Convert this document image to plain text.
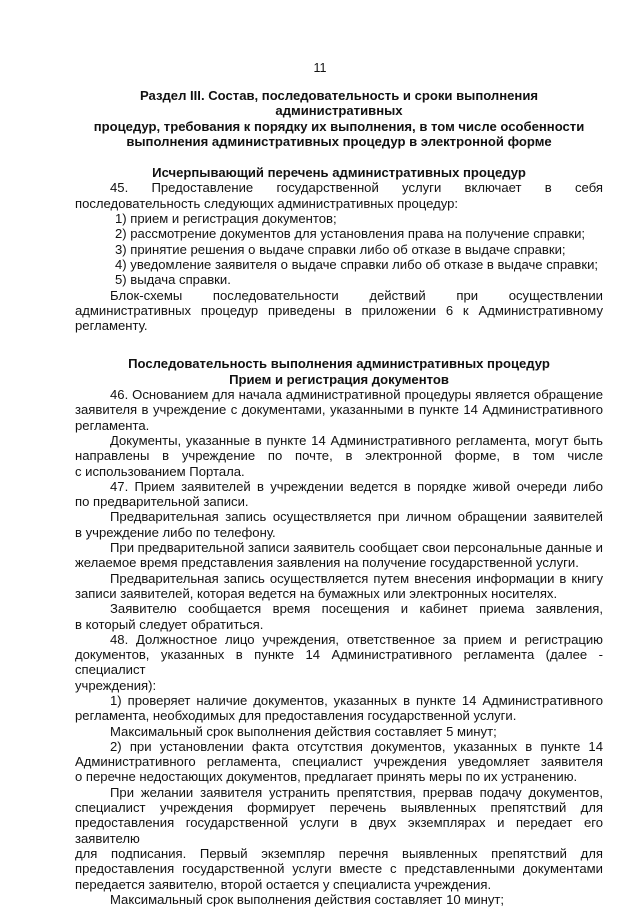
11

Раздел III. Состав, последовательность и сроки выполнения административных

процедур, требования к порядку их выполнения, в том числе особенности

выполнения административных процедур в электронной форме

Исчерпывающий перечень административных процедур

45. Предоставление государственной услуги включает в себя

последовательность следующих административных процедур:

1) прием и регистрация документов;

2) рассмотрение документов для установления права на получение справки;

3) принятие решения о выдаче справки либо об отказе в выдаче справки;

4) уведомление заявителя о выдаче справки либо об отказе в выдаче справки;

5) выдача справки.

Блок-схемы последовательности действий при осуществлении

административных процедур приведены в приложении 6 к Административному

регламенту.

Последовательность выполнения административных процедур

Прием и регистрация документов

46. Основанием для начала административной процедуры является обращение

заявителя в учреждение с документами, указанными в пункте 14 Административного

регламента.

Документы, указанные в пункте 14 Административного регламента, могут быть

направлены в учреждение по почте, в электронной форме, в том числе

с использованием Портала.

47. Прием заявителей в учреждении ведется в порядке живой очереди либо

по предварительной записи.

Предварительная запись осуществляется при личном обращении заявителей

в учреждение либо по телефону.

При предварительной записи заявитель сообщает свои персональные данные и

желаемое время представления заявления на получение государственной услуги.

Предварительная запись осуществляется путем внесения информации в книгу

записи заявителей, которая ведется на бумажных или электронных носителях.

Заявителю сообщается время посещения и кабинет приема заявления,

в который следует обратиться.

48. Должностное лицо учреждения, ответственное за прием и регистрацию

документов, указанных в пункте 14 Административного регламента (далее - специалист

учреждения):

1) проверяет наличие документов, указанных в пункте 14 Административного

регламента, необходимых для предоставления государственной услуги.

Максимальный срок выполнения действия составляет 5 минут;

2) при установлении факта отсутствия документов, указанных в пункте 14

Административного регламента, специалист учреждения уведомляет заявителя

о перечне недостающих документов, предлагает принять меры по их устранению.

При желании заявителя устранить препятствия, прервав подачу документов,

специалист учреждения формирует перечень выявленных препятствий для

предоставления государственной услуги в двух экземплярах и передает его заявителю

для подписания. Первый экземпляр перечня выявленных препятствий для

предоставления государственной услуги вместе с представленными документами

передается заявителю, второй остается у специалиста учреждения.

Максимальный срок выполнения действия составляет 10 минут;
